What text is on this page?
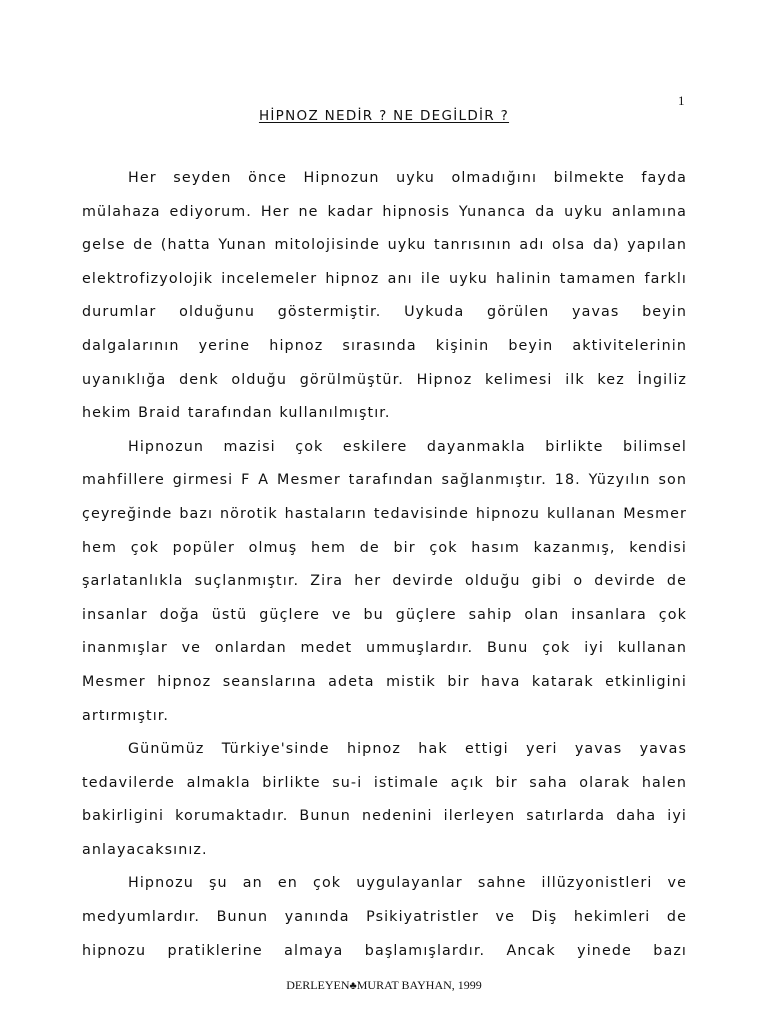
1
HİPNOZ NEDİR ? NE DEGİLDİR ?

Her seyden önce Hipnozun uyku olmadığını bilmekte fayda mülahaza ediyorum. Her ne kadar hipnosis Yunanca da uyku anlamına gelse de (hatta Yunan mitolojisinde uyku tanrısının adı olsa da) yapılan elektrofizyolojik incelemeler hipnoz anı ile uyku halinin tamamen farklı durumlar olduğunu göstermiştir. Uykuda görülen yavas beyin dalgalarının yerine hipnoz sırasında kişinin beyin aktivitelerinin uyanıklığa denk olduğu görülmüştür. Hipnoz kelimesi ilk kez İngiliz hekim Braid tarafından kullanılmıştır.

Hipnozun mazisi çok eskilere dayanmakla birlikte bilimsel mahfillere girmesi F A Mesmer tarafından sağlanmıştır. 18. Yüzyılın son çeyreğinde bazı nörotik hastaların tedavisinde hipnozu kullanan Mesmer hem çok popüler olmuş hem de bir çok hasım kazanmış, kendisi şarlatanlıkla suçlanmıştır. Zira her devirde olduğu gibi o devirde de insanlar doğa üstü güçlere ve bu güçlere sahip olan insanlara çok inanmışlar ve onlardan medet ummuşlardır. Bunu çok iyi kullanan Mesmer hipnoz seanslarına adeta mistik bir hava katarak etkinligini artırmıştır.

Günümüz Türkiye'sinde hipnoz hak ettigi yeri yavas yavas tedavilerde almakla birlikte su-i istimale açık bir saha olarak halen bakirligini korumaktadır. Bunun nedenini ilerleyen satırlarda daha iyi anlayacaksınız.

Hipnozu şu an en çok uygulayanlar sahne illüzyonistleri ve medyumlardır. Bunun yanında Psikiyatristler ve Diş hekimleri de hipnozu pratiklerine almaya başlamışlardır. Ancak yinede bazı

DERLEYEN♣MURAT BAYHAN, 1999
